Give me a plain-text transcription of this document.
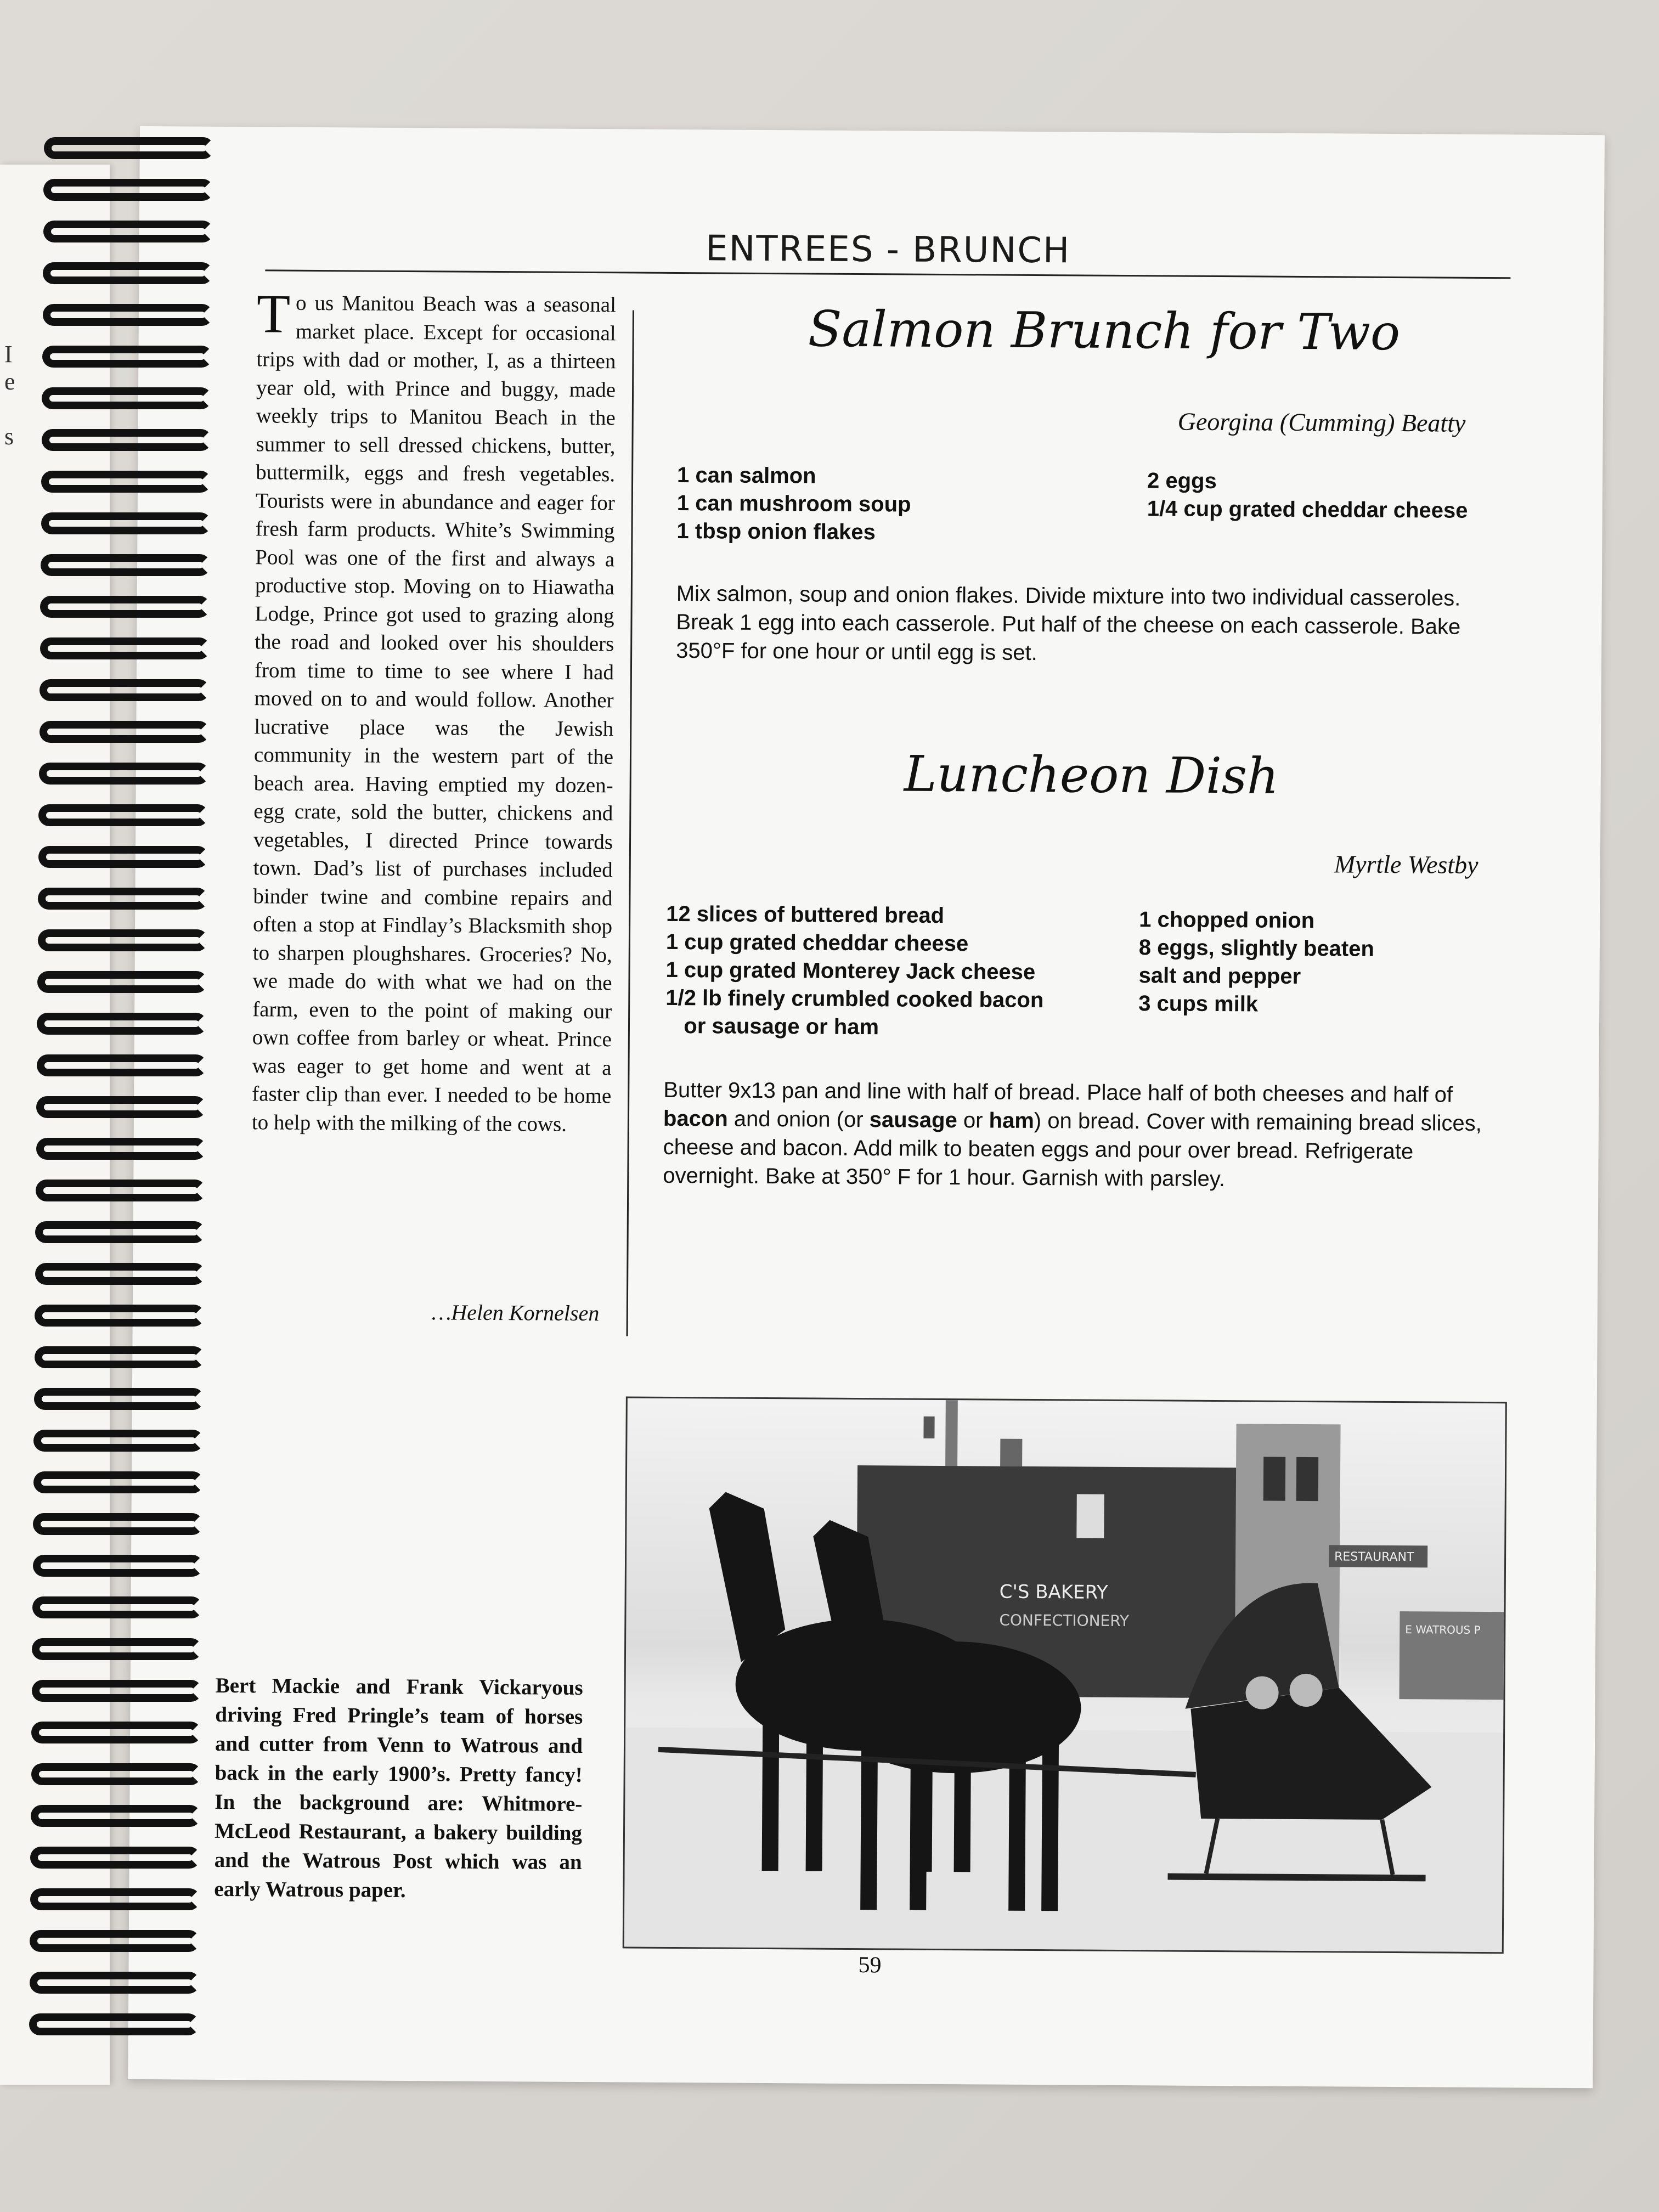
I
e
s
ENTREES - BRUNCH
To us Manitou Beach was a seasonal market place. Except for occasional trips with dad or mother, I, as a thirteen year old, with Prince and buggy, made weekly trips to Manitou Beach in the summer to sell dressed chickens, butter, buttermilk, eggs and fresh vegetables. Tourists were in abundance and eager for fresh farm products. White’s Swimming Pool was one of the first and always a productive stop. Moving on to Hiawatha Lodge, Prince got used to grazing along the road and looked over his shoulders from time to time to see where I had moved on to and would follow. Another lucrative place was the Jewish community in the western part of the beach area. Having emptied my dozen-egg crate, sold the butter, chickens and vegetables, I directed Prince towards town. Dad’s list of purchases included binder twine and combine repairs and often a stop at Findlay’s Blacksmith shop to sharpen ploughshares. Groceries? No, we made do with what we had on the farm, even to the point of making our own coffee from barley or wheat. Prince was eager to get home and went at a faster clip than ever. I needed to be home to help with the milking of the cows.
…Helen Kornelsen
Salmon Brunch for Two
Georgina (Cumming) Beatty
1 can salmon
1 can mushroom soup
1 tbsp onion flakes
2 eggs
1/4 cup grated cheddar cheese
Mix salmon, soup and onion flakes. Divide mixture into two individual casseroles. Break 1 egg into each casserole. Put half of the cheese on each casserole. Bake 350°F for one hour or until egg is set.
Luncheon Dish
Myrtle Westby
12 slices of buttered bread
1 cup grated cheddar cheese
1 cup grated Monterey Jack cheese
1/2 lb finely crumbled cooked bacon
or sausage or ham
1 chopped onion
8 eggs, slightly beaten
salt and pepper
3 cups milk
Butter 9x13 pan and line with half of bread. Place half of both cheeses and half of bacon and onion (or sausage or ham) on bread. Cover with remaining bread slices, cheese and bacon. Add milk to beaten eggs and pour over bread. Refrigerate overnight. Bake at 350° F for 1 hour. Garnish with parsley.
C'S BAKERY
CONFECTIONERY
RESTAURANT
E WATROUS P
Bert Mackie and Frank Vickaryous driving Fred Pringle’s team of horses and cutter from Venn to Watrous and back in the early 1900’s. Pretty fancy! In the background are: Whitmore-McLeod Restaurant, a bakery building and the Watrous Post which was an early Watrous paper.
59
